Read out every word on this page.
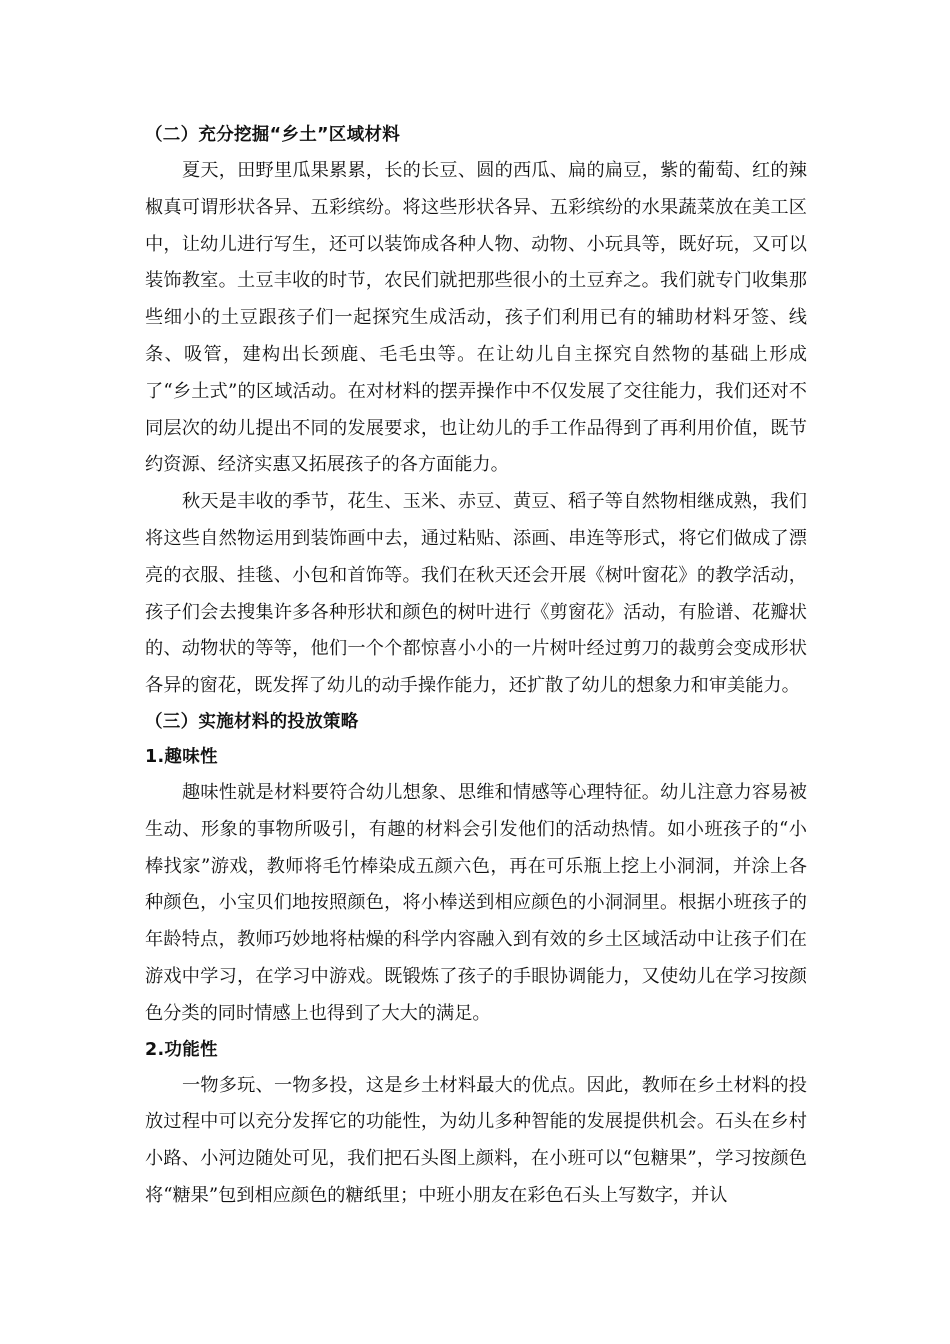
（二）充分挖掘“乡土”区域材料

夏天，田野里瓜果累累，长的长豆、圆的西瓜、扁的扁豆，紫的葡萄、红的辣椒真可谓形状各异、五彩缤纷。将这些形状各异、五彩缤纷的水果蔬菜放在美工区中，让幼儿进行写生，还可以装饰成各种人物、动物、小玩具等，既好玩，又可以装饰教室。土豆丰收的时节，农民们就把那些很小的土豆弃之。我们就专门收集那些细小的土豆跟孩子们一起探究生成活动，孩子们利用已有的辅助材料牙签、线条、吸管，建构出长颈鹿、毛毛虫等。在让幼儿自主探究自然物的基础上形成了“乡土式”的区域活动。在对材料的摆弄操作中不仅发展了交往能力，我们还对不同层次的幼儿提出不同的发展要求，也让幼儿的手工作品得到了再利用价值，既节约资源、经济实惠又拓展孩子的各方面能力。

秋天是丰收的季节，花生、玉米、赤豆、黄豆、稻子等自然物相继成熟，我们将这些自然物运用到装饰画中去，通过粘贴、添画、串连等形式，将它们做成了漂亮的衣服、挂毯、小包和首饰等。我们在秋天还会开展《树叶窗花》的教学活动，孩子们会去搜集许多各种形状和颜色的树叶进行《剪窗花》活动，有脸谱、花瓣状的、动物状的等等，他们一个个都惊喜小小的一片树叶经过剪刀的裁剪会变成形状各异的窗花，既发挥了幼儿的动手操作能力，还扩散了幼儿的想象力和审美能力。

（三）实施材料的投放策略
1.趣味性

趣味性就是材料要符合幼儿想象、思维和情感等心理特征。幼儿注意力容易被生动、形象的事物所吸引，有趣的材料会引发他们的活动热情。如小班孩子的“小棒找家”游戏，教师将毛竹棒染成五颜六色，再在可乐瓶上挖上小洞洞，并涂上各种颜色，小宝贝们地按照颜色，将小棒送到相应颜色的小洞洞里。根据小班孩子的年龄特点，教师巧妙地将枯燥的科学内容融入到有效的乡土区域活动中让孩子们在游戏中学习，在学习中游戏。既锻炼了孩子的手眼协调能力，又使幼儿在学习按颜色分类的同时情感上也得到了大大的满足。

2.功能性

一物多玩、一物多投，这是乡土材料最大的优点。因此，教师在乡土材料的投放过程中可以充分发挥它的功能性，为幼儿多种智能的发展提供机会。石头在乡村小路、小河边随处可见，我们把石头图上颜料，在小班可以“包糖果”，学习按颜色将“糖果”包到相应颜色的糖纸里；中班小朋友在彩色石头上写数字，并认
